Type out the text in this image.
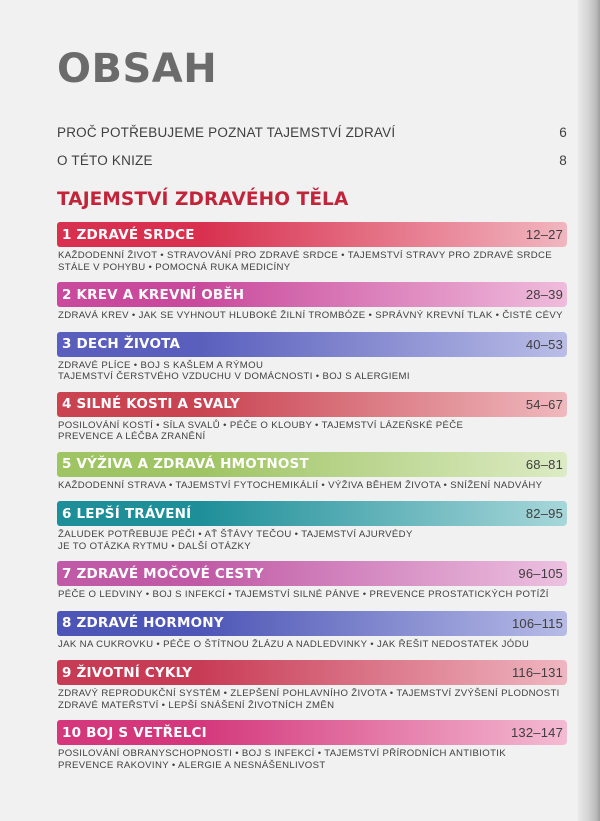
OBSAH
PROČ POTŘEBUJEME POZNAT TAJEMSTVÍ ZDRAVÍ	6
O TÉTO KNIZE	8
TAJEMSTVÍ ZDRAVÉHO TĚLA
1 ZDRAVÉ SRDCE	12–27
KAŽDODENNÍ ŽIVOT • STRAVOVÁNÍ PRO ZDRAVÉ SRDCE • TAJEMSTVÍ STRAVY PRO ZDRAVÉ SRDCE
STÁLE V POHYBU • POMOCNÁ RUKA MEDICÍNY
2 KREV A KREVNÍ OBĚH	28–39
ZDRAVÁ KREV • JAK SE VYHNOUT HLUBOKÉ ŽILNÍ TROMBÓZE • SPRÁVNÝ KREVNÍ TLAK • ČISTÉ CÉVY
3 DECH ŽIVOTA	40–53
ZDRAVÉ PLÍCE • BOJ S KAŠLEM A RÝMOU
TAJEMSTVÍ ČERSTVÉHO VZDUCHU V DOMÁCNOSTI • BOJ S ALERGIEMI
4 SILNÉ KOSTI A SVALY	54–67
POSILOVÁNÍ KOSTÍ • SÍLA SVALŮ • PÉČE O KLOUBY • TAJEMSTVÍ LÁZEŇSKÉ PÉČE
PREVENCE A LÉČBA ZRANĚNÍ
5 VÝŽIVA A ZDRAVÁ HMOTNOST	68–81
KAŽDODENNÍ STRAVA • TAJEMSTVÍ FYTOCHEMIKÁLIÍ • VÝŽIVA BĚHEM ŽIVOTA • SNÍŽENÍ NADVÁHY
6 LEPŠÍ TRÁVENÍ	82–95
ŽALUDEK POTŘEBUJE PÉČI • AŤ ŠŤÁVY TEČOU • TAJEMSTVÍ AJURVÉDY
JE TO OTÁZKA RYTMU • DALŠÍ OTÁZKY
7 ZDRAVÉ MOČOVÉ CESTY	96–105
PÉČE O LEDVINY • BOJ S INFEKCÍ • TAJEMSTVÍ SILNÉ PÁNVE • PREVENCE PROSTATICKÝCH POTÍŽÍ
8 ZDRAVÉ HORMONY	106–115
JAK NA CUKROVKU • PÉČE O ŠTÍTNOU ŽLÁZU A NADLEDVINKY • JAK ŘEŠIT NEDOSTATEK JÓDU
9 ŽIVOTNÍ CYKLY	116–131
ZDRAVÝ REPRODUKČNÍ SYSTÉM • ZLEPŠENÍ POHLAVNÍHO ŽIVOTA • TAJEMSTVÍ ZVÝŠENÍ PLODNOSTI
ZDRAVÉ MATEŘSTVÍ • LEPŠÍ SNÁŠENÍ ŽIVOTNÍCH ZMĚN
10 BOJ S VETŘELCI	132–147
POSILOVÁNÍ OBRANYSCHOPNOSTI • BOJ S INFEKCÍ • TAJEMSTVÍ PŘÍRODNÍCH ANTIBIOTIK
PREVENCE RAKOVINY • ALERGIE A NESNÁŠENLIVOST
